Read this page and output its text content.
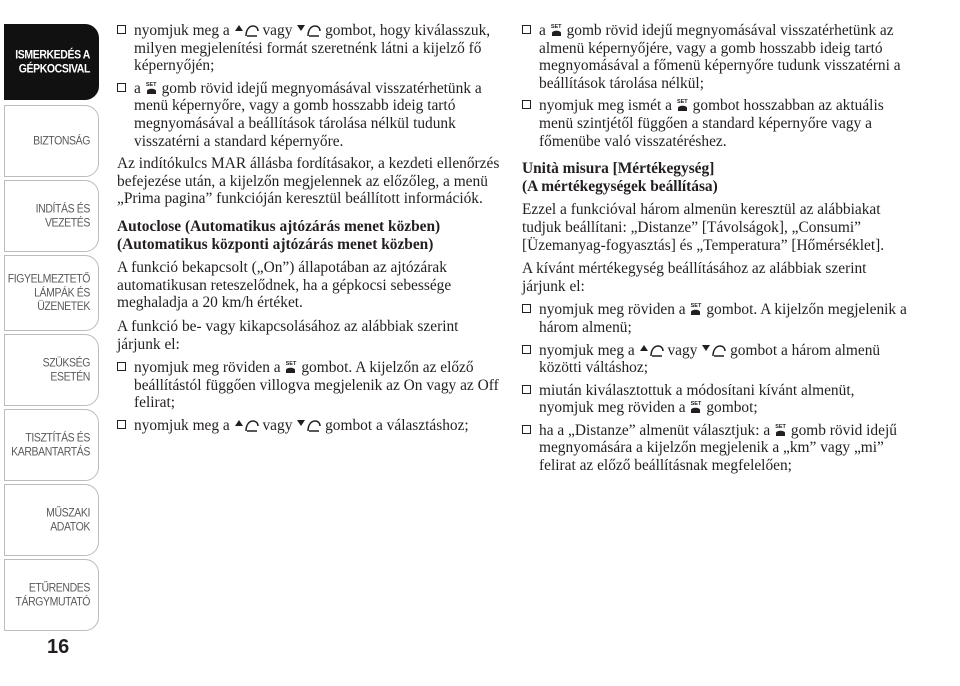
ISMERKEDÉS A
GÉPKOCSIVAL
BIZTONSÁG
INDÍTÁS ÉS
VEZETÉS
FIGYELMEZTETŐ
LÁMPÁK ÉS
ÜZENETEK
SZÜKSÉG ESETÉN
TISZTÍTÁS ÉS
KARBANTARTÁS
MŰSZAKI ADATOK
ETŰRENDES
TÁRGYMUTATÓ
16
nyomjuk meg a vagy gombot, hogy kiválasszuk, milyen megjelenítési formát szeretnénk látni a kijelző fő képernyőjén;
a SET gomb rövid idejű megnyomásával visszatérhetünk a menü képernyőre, vagy a gomb hosszabb ideig tartó megnyomásával a beállítások tárolása nélkül tudunk visszatérni a standard képernyőre.

Az indítókulcs MAR állásba fordításakor, a kezdeti ellenőrzés befejezése után, a kijelzőn megjelennek az előzőleg, a menü „Prima pagina” funkcióján keresztül beállított információk.

Autoclose (Automatikus ajtózárás menet közben)
(Automatikus központi ajtózárás menet közben)

A funkció bekapcsolt („On”) állapotában az ajtózárak automatikusan reteszelődnek, ha a gépkocsi sebessége meghaladja a 20 km/h értéket.

A funkció be- vagy kikapcsolásához az alábbiak szerint járjunk el:

nyomjuk meg röviden a SET gombot. A kijelzőn az előző beállítástól függően villogva megjelenik az On vagy az Off felirat;
nyomjuk meg a vagy gombot a választáshoz;
a SET gomb rövid idejű megnyomásával visszatérhetünk az almenü képernyőjére, vagy a gomb hosszabb ideig tartó megnyomásával a főmenü képernyőre tudunk visszatérni a beállítások tárolása nélkül;
nyomjuk meg ismét a SET gombot hosszabban az aktuális menü szintjétől függően a standard képernyőre vagy a főmenübe való visszatéréshez.
Unità misura [Mértékegység]
(A mértékegységek beállítása)

Ezzel a funkcióval három almenün keresztül az alábbiakat tudjuk beállítani: „Distanze” [Távolságok], „Consumi” [Üzemanyag-fogyasztás] és „Temperatura” [Hőmérséklet].

A kívánt mértékegység beállításához az alábbiak szerint járjunk el:

nyomjuk meg röviden a SET gombot. A kijelzőn megjelenik a három almenü;
nyomjuk meg a vagy gombot a három almenü közötti váltáshoz;
miután kiválasztottuk a módosítani kívánt almenüt, nyomjuk meg röviden a SET gombot;
ha a „Distanze” almenüt választjuk: a SET gomb rövid idejű megnyomására a kijelzőn megjelenik a „km” vagy „mi” felirat az előző beállításnak megfelelően;
